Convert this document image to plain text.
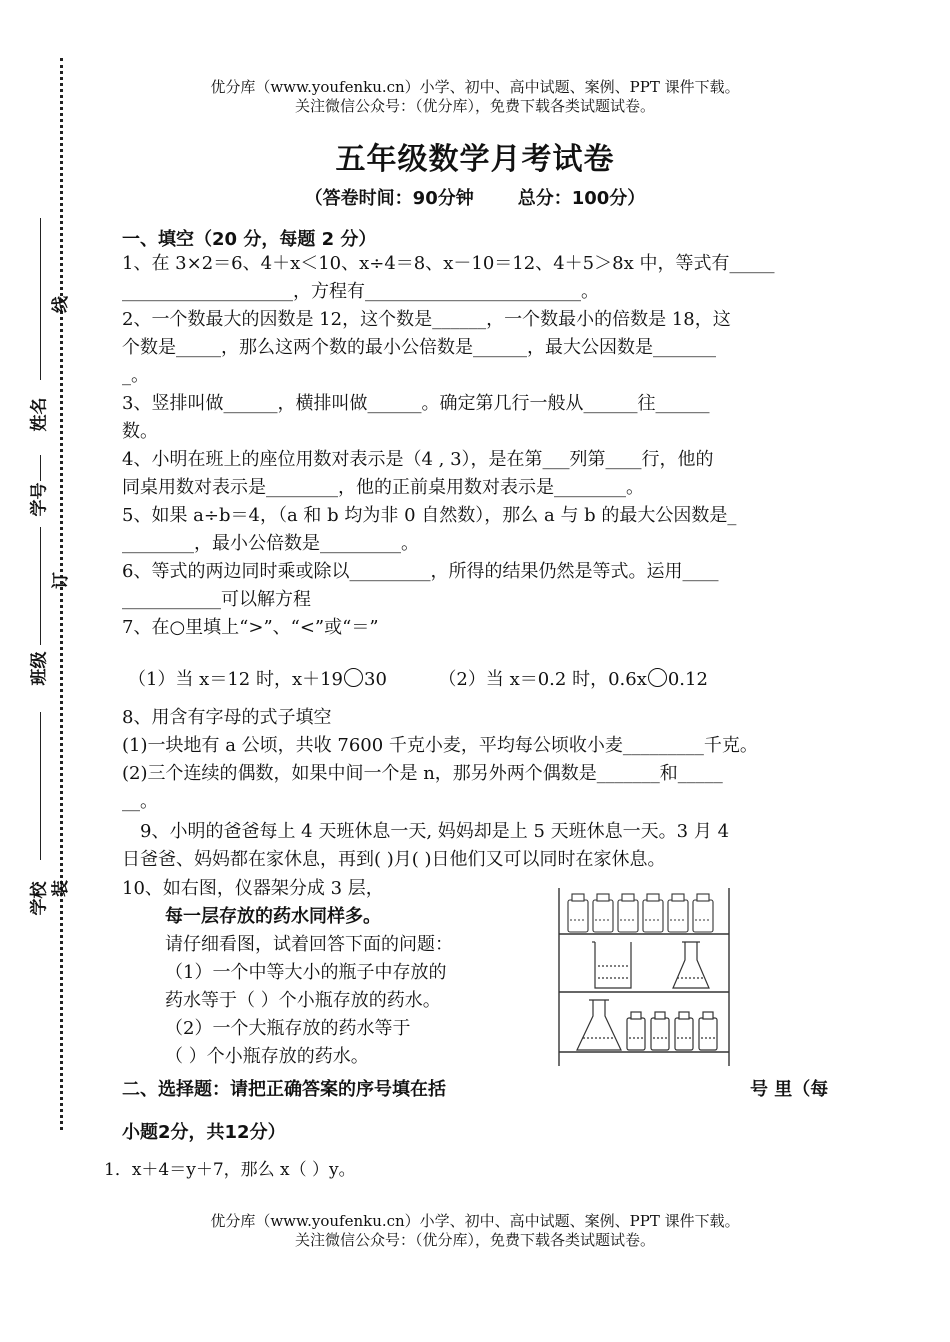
优分库（www.youfenku.cn）小学、初中、高中试题、案例、PPT 课件下载。
关注微信公众号：（优分库），免费下载各类试题试卷。
线
姓名
学号
订
班级
学校 装
五年级数学月考试卷
（答卷时间：90分钟 总分：100分）
一、填空（20 分，每题 2 分）
1、在 3×2＝6、4＋x＜10、x÷4＝8、x－10＝12、4＋5＞8x 中，等式有_____
___________________，方程有________________________。
2、一个数最大的因数是 12，这个数是______，一个数最小的倍数是 18，这
个数是_____，那么这两个数的最小公倍数是______，最大公因数是_______
_。
3、竖排叫做______，横排叫做______。确定第几行一般从______往______
数。
4、小明在班上的座位用数对表示是（4 , 3），是在第___列第____行，他的
同桌用数对表示是________，他的正前桌用数对表示是________。
5、如果 a÷b＝4，（a 和 b 均为非 0 自然数），那么 a 与 b 的最大公因数是_
________，最小公倍数是_________。
6、等式的两边同时乘或除以_________，所得的结果仍然是等式。运用____
___________可以解方程
7、在○里填上“>”、“<”或“＝”
（1）当 x＝12 时，x＋19 30	（2）当 x＝0.2 时，0.6x 0.12
8、用含有字母的式子填空
(1)一块地有 a 公顷，共收 7600 千克小麦，平均每公顷收小麦_________千克。
(2)三个连续的偶数，如果中间一个是 n，那另外两个偶数是_______和_____
__。
9、小明的爸爸每上 4 天班休息一天, 妈妈却是上 5 天班休息一天。3 月 4
日爸爸、妈妈都在家休息，再到( )月( )日他们又可以同时在家休息。
10、如右图，仪器架分成 3 层，
每一层存放的药水同样多。
请仔细看图，试着回答下面的问题：
（1）一个中等大小的瓶子中存放的
药水等于（ ）个小瓶存放的药水。
（2）一个大瓶存放的药水等于
（ ）个小瓶存放的药水。
二、选择题：请把正确答案的序号填在括	号 里（每
小题2分，共12分）
1．x＋4＝y＋7，那么 x（ ）y。
优分库（www.youfenku.cn）小学、初中、高中试题、案例、PPT 课件下载。
关注微信公众号：（优分库），免费下载各类试题试卷。
